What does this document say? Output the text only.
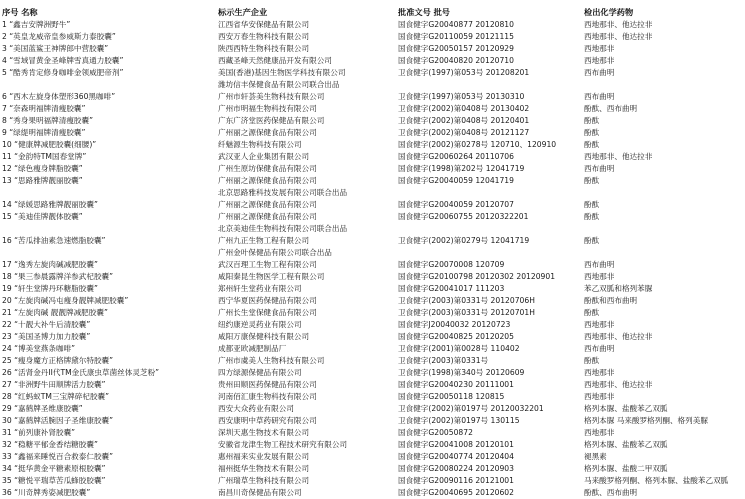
序号 名称	标示生产企业	批准文号 批号	检出化学药物
1 “鑫吉安牌洲野牛”	江西省华安保健品有限公司	国食健字G20040877 20120810	西地那非、他达拉非
2 “英皇龙威帝皇参威斯力泰胶囊”	西安万春生物科技有限公司	国食健字G20110059 20121115	西地那非、他达拉非
3 “美国蓝鲨王神牌郎中营胶囊”	陕西西特生物科技有限公司	国食健字G20050157 20120929	西地那非
4 “雪域冒黄金圣峰牌雪真通力胶囊”	西藏圣峰天然健康品开发有限公司	国食健字G20040820 20120710	西地那非
5 “酷秀肯定修身咖啡金领威肥帝剂”	美国(香港)基因生物医学科技有限公司	卫食健字(1997)第053号 201208201	西布曲明
潍坊信丰保健食品有限公司联合出品
6 “西木左旋身体塑形360黑咖啡”	广州市轩荟美生物科技有限公司	卫食健字(1997)第053号 20130310	西布曲明
7 “奈森明福牌清瘦胶囊”	广州市明福生物科技有限公司	卫食健字(2002)第0408号 20130402	酚酞、西布曲明
8 “秀身果明福牌清瘦胶囊”	广东广济堂医药保健品有限公司	卫食健字(2002)第0408号 20120401	酚酞
9 “绿缇明福牌清瘦胶囊”	广州丽之源保健食品有限公司	卫食健字(2002)第0408号 20121127	酚酞
10 “健康牌减肥胶囊(细腰)”	纤魅源生物科技有限公司	国食健字(2002)第0278号 120710、120910	酚酞
11 “金韵特TM国春堂牌”	武汉亚人企业集团有限公司	国食健字G20060264 20110706	西地那非、他达拉非
12 “绿色瘦身牌脂胶囊”	广州生原坊保健食品有限公司	国食健字(1998)第202号 12041719	西布曲明
13 “思路雅牌靓丽胶囊”	广州丽之源保健食品有限公司	国食健字G20040059 12041719	酚酞
北京思路雅科技发展有限公司联合出品
14 “绿媛思路雅牌靓丽胶囊”	广州丽之源保健食品有限公司	国食健字G20040059 20120707	酚酞
15 “美迪佳牌靓体胶囊”	广州丽之源保健食品有限公司	国食健字G20060755 20120322201	酚酞
北京美迪佳生物科技有限公司联合出品
16 “苦瓜排油素急速燃脂胶囊”	广州九正生物工程有限公司	卫食健字(2002)第0279号 12041719	酚酞
广州金叶保健品有限公司联合出品
17 “逸秀左旋肉碱减肥胶囊”	武汉百理工生物工程有限公司	国食健字G20070008 120709	西布曲明
18 “果三参晨露牌洋参武杞胶囊”	咸阳秦昆生物医学工程有限公司	国食健字G20100798 20120302 20120901	西地那非
19 “轩生堂牌丹环糖脂胶囊”	郑州轩生堂药业有限公司	国食健字G20041017 111203	苯乙双胍和格列苯脲
20 “左旋肉碱冯屯瘦身靓牌减肥胶囊”	西宁华夏医药保健品有限公司	卫食健字(2003)第0331号 20120706H	酚酞和西布曲明
21 “左旋肉碱 靓靓牌减肥胶囊”	广州长生堂保健食品有限公司	卫食健字(2003)第0331号 20120701H	酚酞
22 “十靓大补牛后清胶囊”	纽约康逆灵药业有限公司	国食健字J20040032 20120723	西地那非
23 “美国圣博力加力胶囊”	咸阳万康保健科技有限公司	国食健字G20040825 20120205	西地那非、他达拉非
24 “博美堂燕条咖啡”	成都亚欧减肥制品厂	卫食健字(2001)第0028号 110402	西布曲明
25 “瘦身魔方正格牌黛尔特胶囊”	广州市虞美人生物科技有限公司	卫食健字(2003)第0331号	酚酞
26 “活肾金丹II代TM金氏康虫草菌丝体灵芝粉”	四方绿源保健品有限公司	卫食健字(1998)第340号 20120609	西地那非
27 “非洲野牛田顺牌活力胶囊”	贵州田顺医药保健品有限公司	国食健字G20040230 20111001	西地那非、他达拉非
28 “红蚂蚁TM三宝牌碎杞胶囊”	河南佰汇康生物科技有限公司	国食健字G20050118 120815	西地那非
29 “嘉鹤牌圣维康胶囊”	西安大众药业有限公司	卫食健字(2002)第0197号 20120032201	格列本脲、盐酸苯乙双胍
30 “嘉鹤牌活腕因子圣维康胶囊”	西安康明中草药研究有限公司	卫食健字(2002)第0197号 130115	格列本脲 马来酸罗格列酮、格列美脲
31 “前列康补肾胶囊”	深圳天惠生物技术有限公司	国食健字G20050872	西地那非
32 “稳糖平郁金香结糖胶囊”	安徽省龙津生物工程技术研究有限公司	国食健字G20041008 20120101	格列本脲、盐酸苯乙双胍
33 “鑫福来睡悦百合救泰仁胶囊”	惠州福来实业发展有限公司	国食健字G20040774 20120404	褪黑素
34 “挺华黄金平糖素原根胶囊”	福州挺华生物技术有限公司	国食健字G20080224 20120903	格列本脲、盐酸二甲双胍
35 “糖悦平瑞草苦瓜蜂胶胶囊”	广州瑞草生物科技有限公司	国食健字G20090116 20121001	马来酸罗格列酮、格列本脲、盐酸苯乙双胍
36 “川奇牌秀姿减肥胶囊”	南昌川奇保健品有限公司	国食健字G20040695 20120602	酚酞、西布曲明
